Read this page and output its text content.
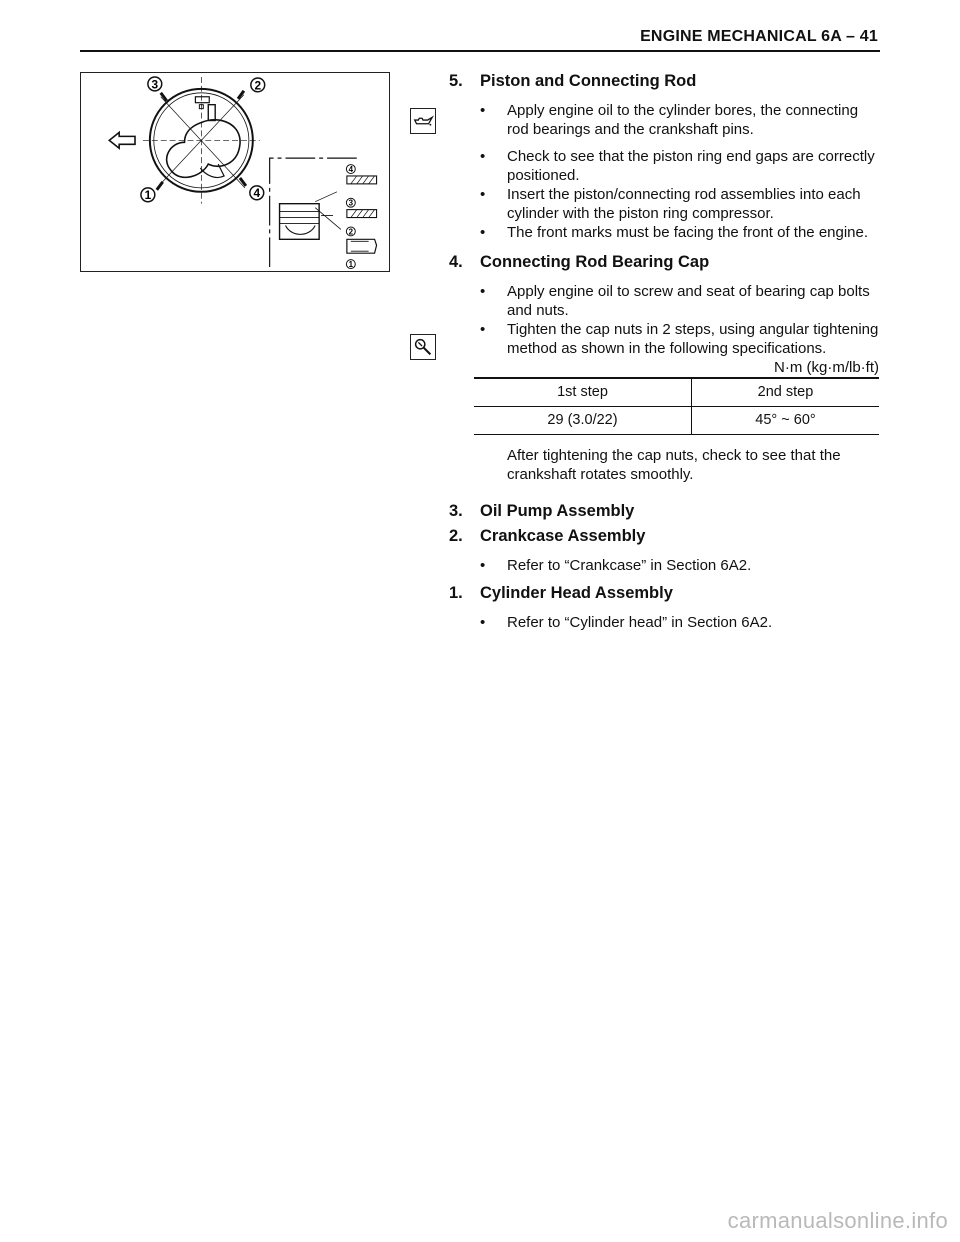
ENGINE MECHANICAL 6A – 41
3	2
1	4
4
3
2
1
5.	Piston and Connecting Rod
• Apply engine oil to the cylinder bores, the connecting rod bearings and the crankshaft pins.
• Check to see that the piston ring end gaps are correctly positioned.
• Insert the piston/connecting rod assemblies into each cylinder with the piston ring compressor.
• The front marks must be facing the front of the engine.
4.	Connecting Rod Bearing Cap
• Apply engine oil to screw and seat of bearing cap bolts and nuts.
• Tighten the cap nuts in 2 steps, using angular tightening method as shown in the following specifications.
N·m (kg·m/lb·ft)
1st step	2nd step
29 (3.0/22)	45° ~ 60°
After tightening the cap nuts, check to see that the crankshaft rotates smoothly.
3.	Oil Pump Assembly
2.	Crankcase Assembly
• Refer to “Crankcase” in Section 6A2.
1.	Cylinder Head Assembly
• Refer to “Cylinder head” in Section 6A2.
carmanualsonline.info
